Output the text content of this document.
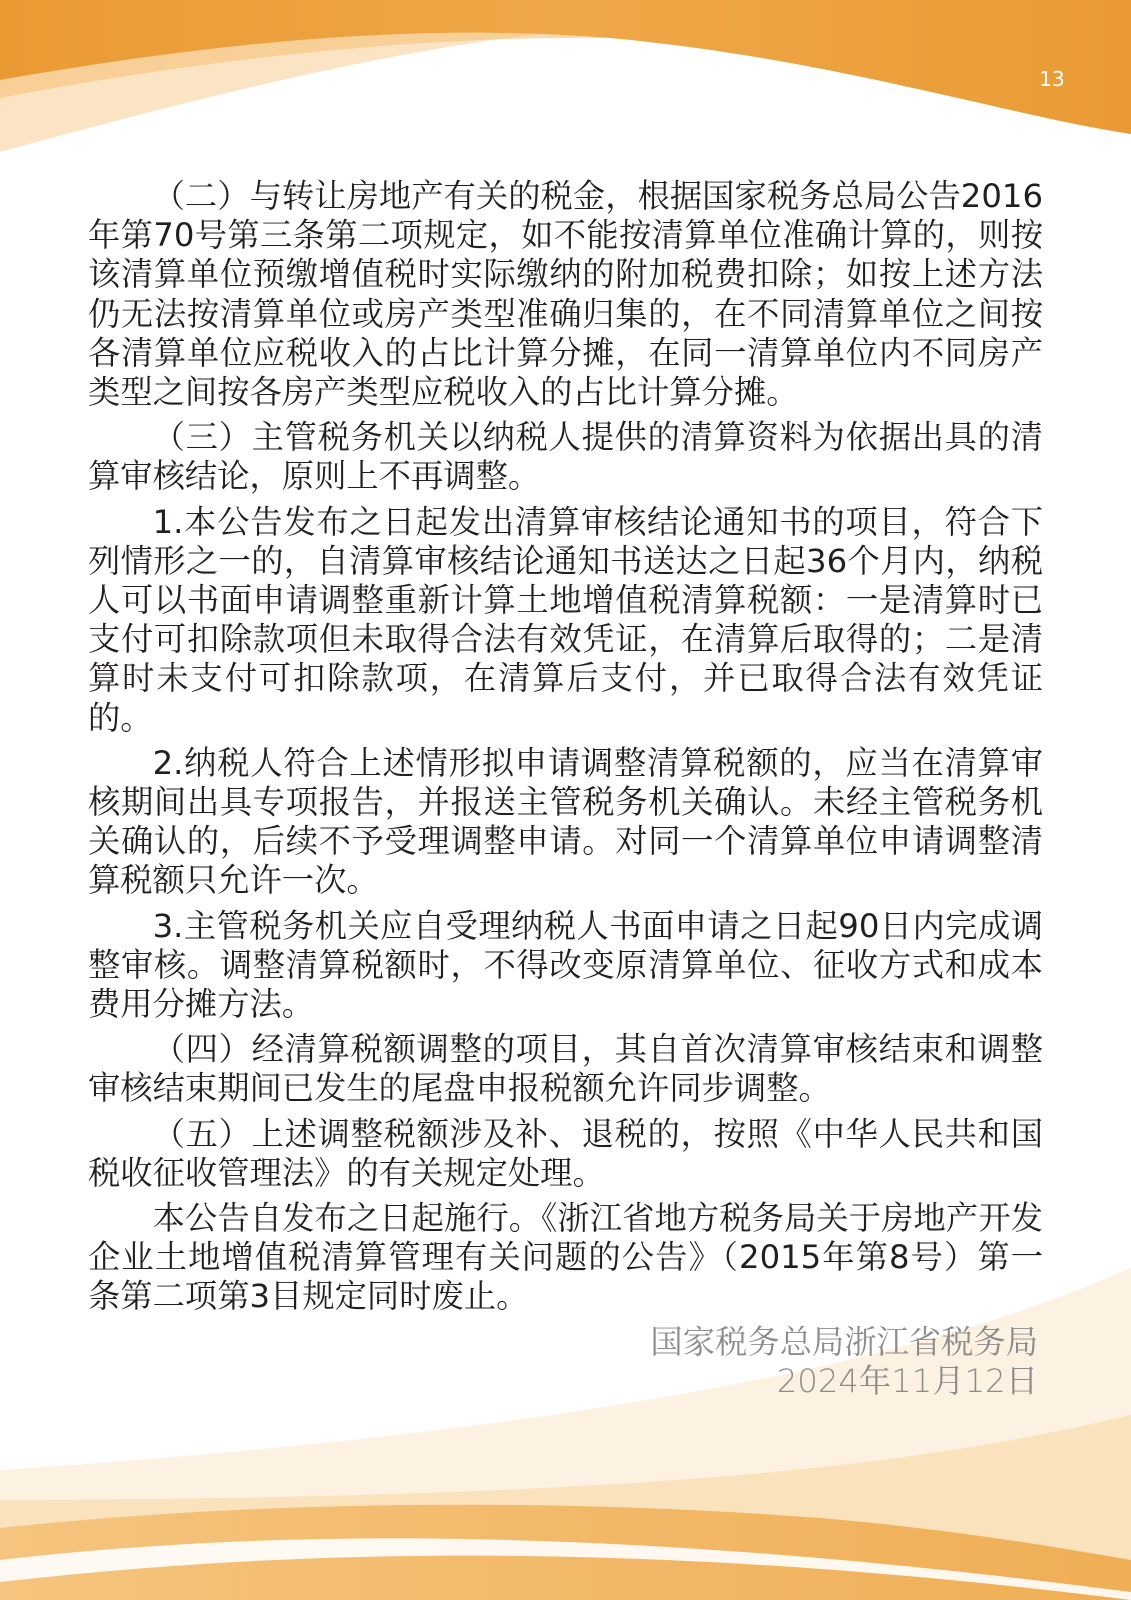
13

（二）与转让房地产有关的税金，根据国家税务总局公告2016年第70号第三条第二项规定，如不能按清算单位准确计算的，则按该清算单位预缴增值税时实际缴纳的附加税费扣除；如按上述方法仍无法按清算单位或房产类型准确归集的，在不同清算单位之间按各清算单位应税收入的占比计算分摊，在同一清算单位内不同房产类型之间按各房产类型应税收入的占比计算分摊。

（三）主管税务机关以纳税人提供的清算资料为依据出具的清算审核结论，原则上不再调整。

1.本公告发布之日起发出清算审核结论通知书的项目，符合下列情形之一的，自清算审核结论通知书送达之日起36个月内，纳税人可以书面申请调整重新计算土地增值税清算税额：一是清算时已支付可扣除款项但未取得合法有效凭证，在清算后取得的；二是清算时未支付可扣除款项，在清算后支付，并已取得合法有效凭证的。

2.纳税人符合上述情形拟申请调整清算税额的，应当在清算审核期间出具专项报告，并报送主管税务机关确认。未经主管税务机关确认的，后续不予受理调整申请。对同一个清算单位申请调整清算税额只允许一次。

3.主管税务机关应自受理纳税人书面申请之日起90日内完成调整审核。调整清算税额时，不得改变原清算单位、征收方式和成本费用分摊方法。

（四）经清算税额调整的项目，其自首次清算审核结束和调整审核结束期间已发生的尾盘申报税额允许同步调整。

（五）上述调整税额涉及补、退税的，按照《中华人民共和国税收征收管理法》的有关规定处理。

本公告自发布之日起施行。《浙江省地方税务局关于房地产开发企业土地增值税清算管理有关问题的公告》（2015年第8号）第一条第二项第3目规定同时废止。

国家税务总局浙江省税务局
2024年11月12日
